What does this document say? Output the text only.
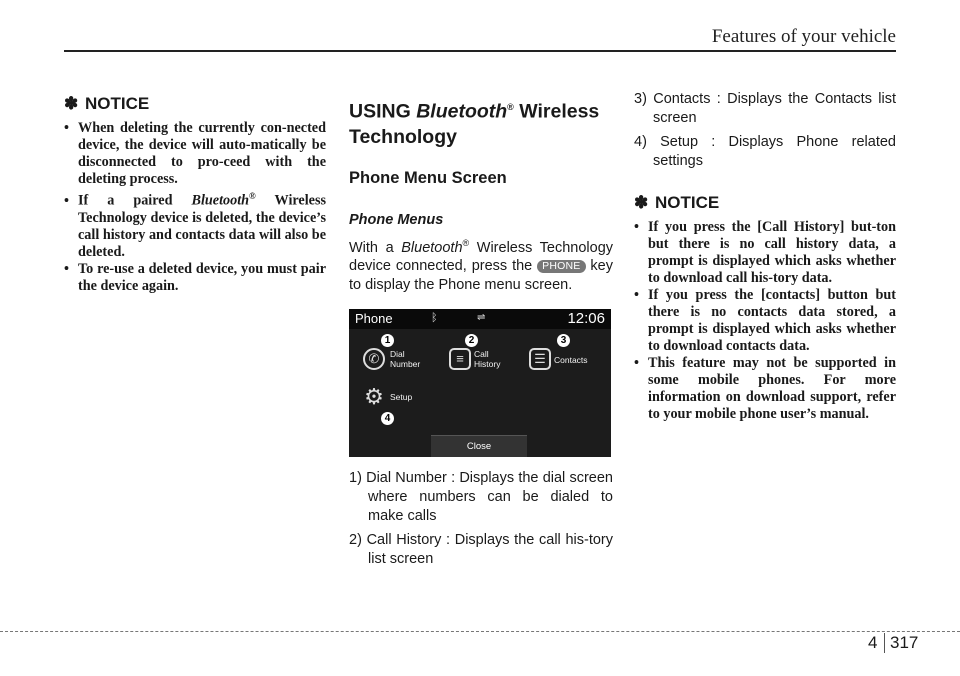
Features of your vehicle
✽ NOTICE
• When deleting the currently con-nected device, the device will auto-matically be disconnected to pro-ceed with the deleting process.
• If a paired Bluetooth® Wireless Technology device is deleted, the device’s call history and contacts data will also be deleted.
• To re-use a deleted device, you must pair the device again.
USING Bluetooth® Wireless
Technology
Phone Menu Screen
Phone Menus

With a Bluetooth® Wireless Technology device connected, press the PHONE key to display the Phone menu screen.

Phone	ᛒ	⇌	12:06
1	2	3
4
✆	Dial
Number	≡	Call
History	☰ Contacts
⚙ Setup
Close
1) Dial Number : Displays the dial screen where numbers can be dialed to make calls
2) Call History : Displays the call his-tory list screen
3) Contacts : Displays the Contacts list screen
4) Setup : Displays Phone related settings
✽ NOTICE
• If you press the [Call History] but-ton but there is no call history data, a prompt is displayed which asks whether to download call his-tory data.
• If you press the [contacts] button but there is no contacts data stored, a prompt is displayed which asks whether to download contacts data.
• This feature may not be supported in some mobile phones. For more information on download support, refer to your mobile phone user’s manual.
4 317
